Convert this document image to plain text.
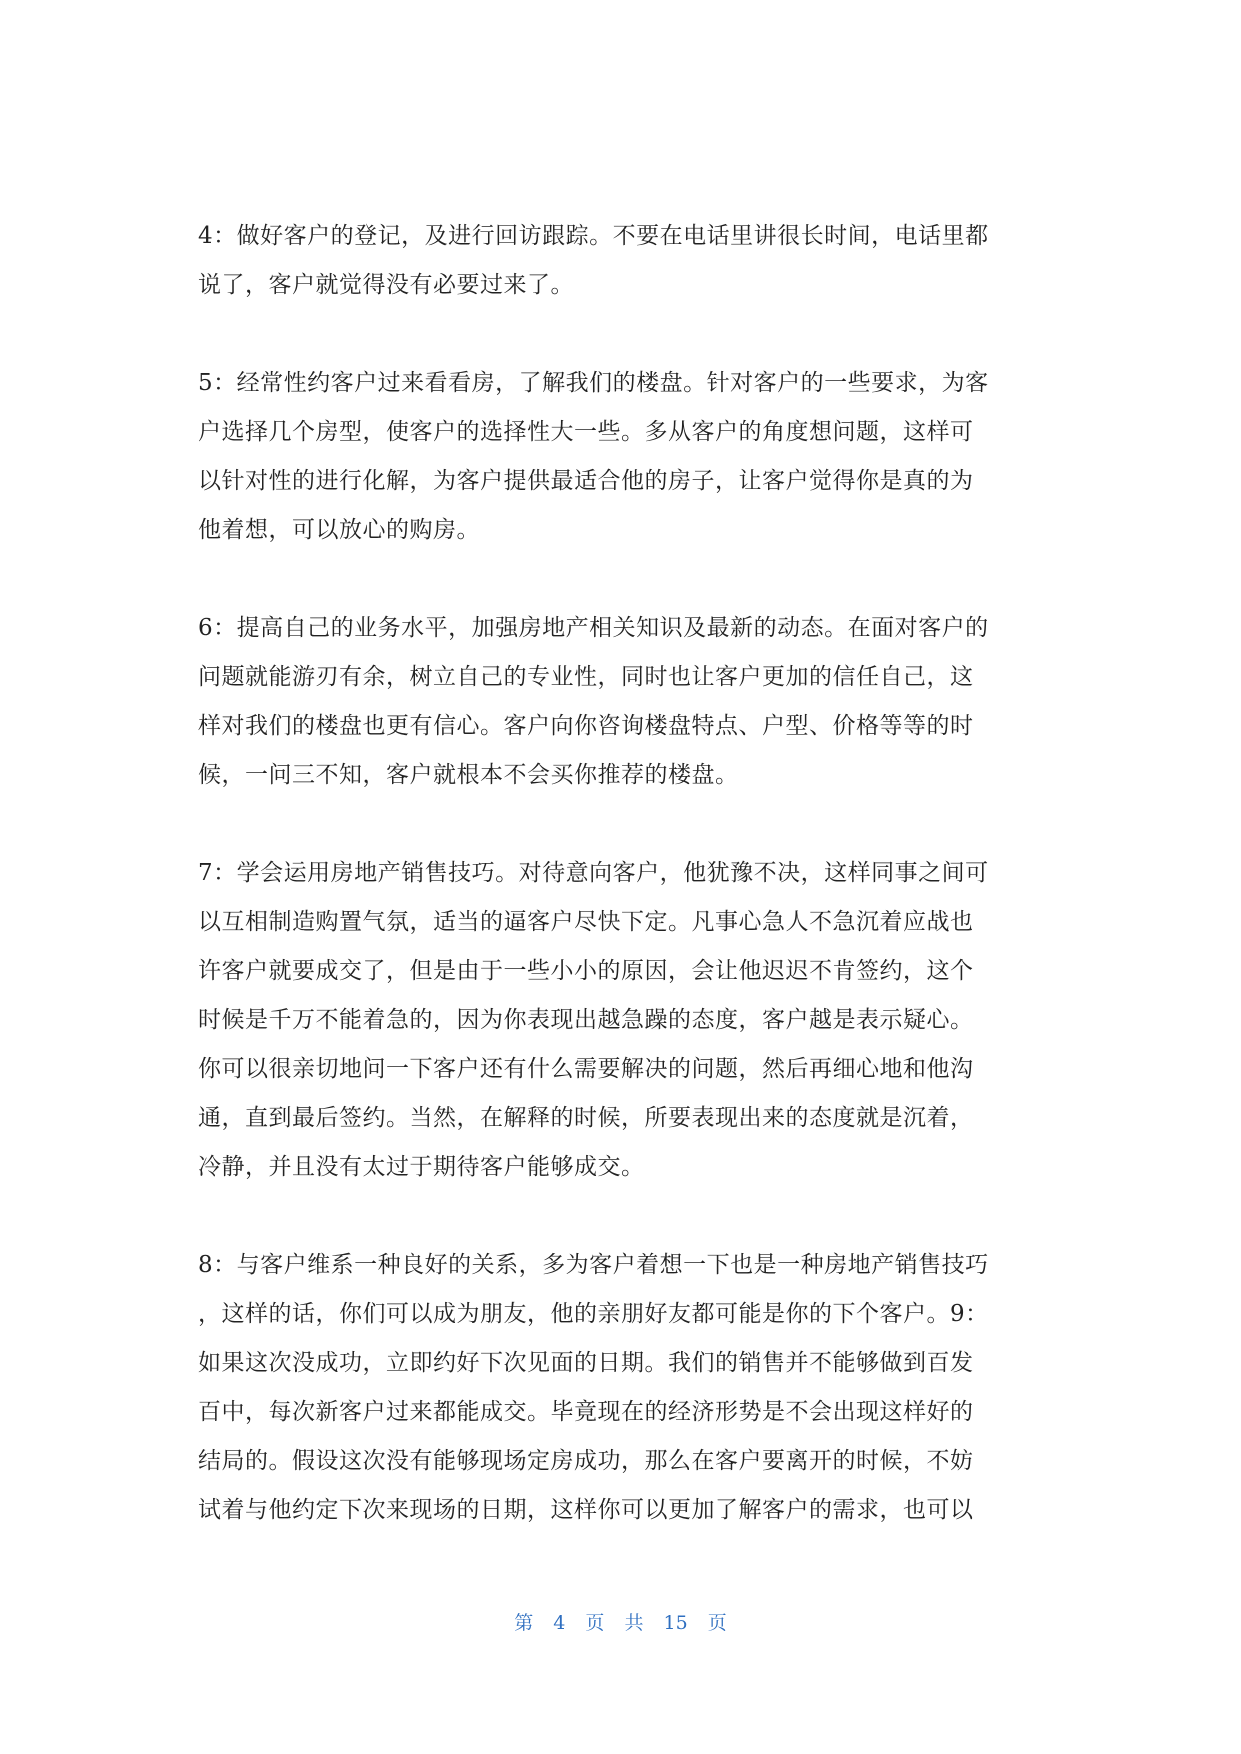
4：做好客户的登记，及进行回访跟踪。不要在电话里讲很长时间，电话里都
说了，客户就觉得没有必要过来了。
5：经常性约客户过来看看房，了解我们的楼盘。针对客户的一些要求，为客
户选择几个房型，使客户的选择性大一些。多从客户的角度想问题，这样可
以针对性的进行化解，为客户提供最适合他的房子，让客户觉得你是真的为
他着想，可以放心的购房。
6：提高自己的业务水平，加强房地产相关知识及最新的动态。在面对客户的
问题就能游刃有余，树立自己的专业性，同时也让客户更加的信任自己，这
样对我们的楼盘也更有信心。客户向你咨询楼盘特点、户型、价格等等的时
候，一问三不知，客户就根本不会买你推荐的楼盘。
7：学会运用房地产销售技巧。对待意向客户，他犹豫不决，这样同事之间可
以互相制造购置气氛，适当的逼客户尽快下定。凡事心急人不急沉着应战也
许客户就要成交了，但是由于一些小小的原因，会让他迟迟不肯签约，这个
时候是千万不能着急的，因为你表现出越急躁的态度，客户越是表示疑心。
你可以很亲切地问一下客户还有什么需要解决的问题，然后再细心地和他沟
通，直到最后签约。当然，在解释的时候，所要表现出来的态度就是沉着，
冷静，并且没有太过于期待客户能够成交。
8：与客户维系一种良好的关系，多为客户着想一下也是一种房地产销售技巧
，这样的话，你们可以成为朋友，他的亲朋好友都可能是你的下个客户。9：
如果这次没成功，立即约好下次见面的日期。我们的销售并不能够做到百发
百中，每次新客户过来都能成交。毕竟现在的经济形势是不会出现这样好的
结局的。假设这次没有能够现场定房成功，那么在客户要离开的时候，不妨
试着与他约定下次来现场的日期，这样你可以更加了解客户的需求，也可以
第 4 页 共 15 页
